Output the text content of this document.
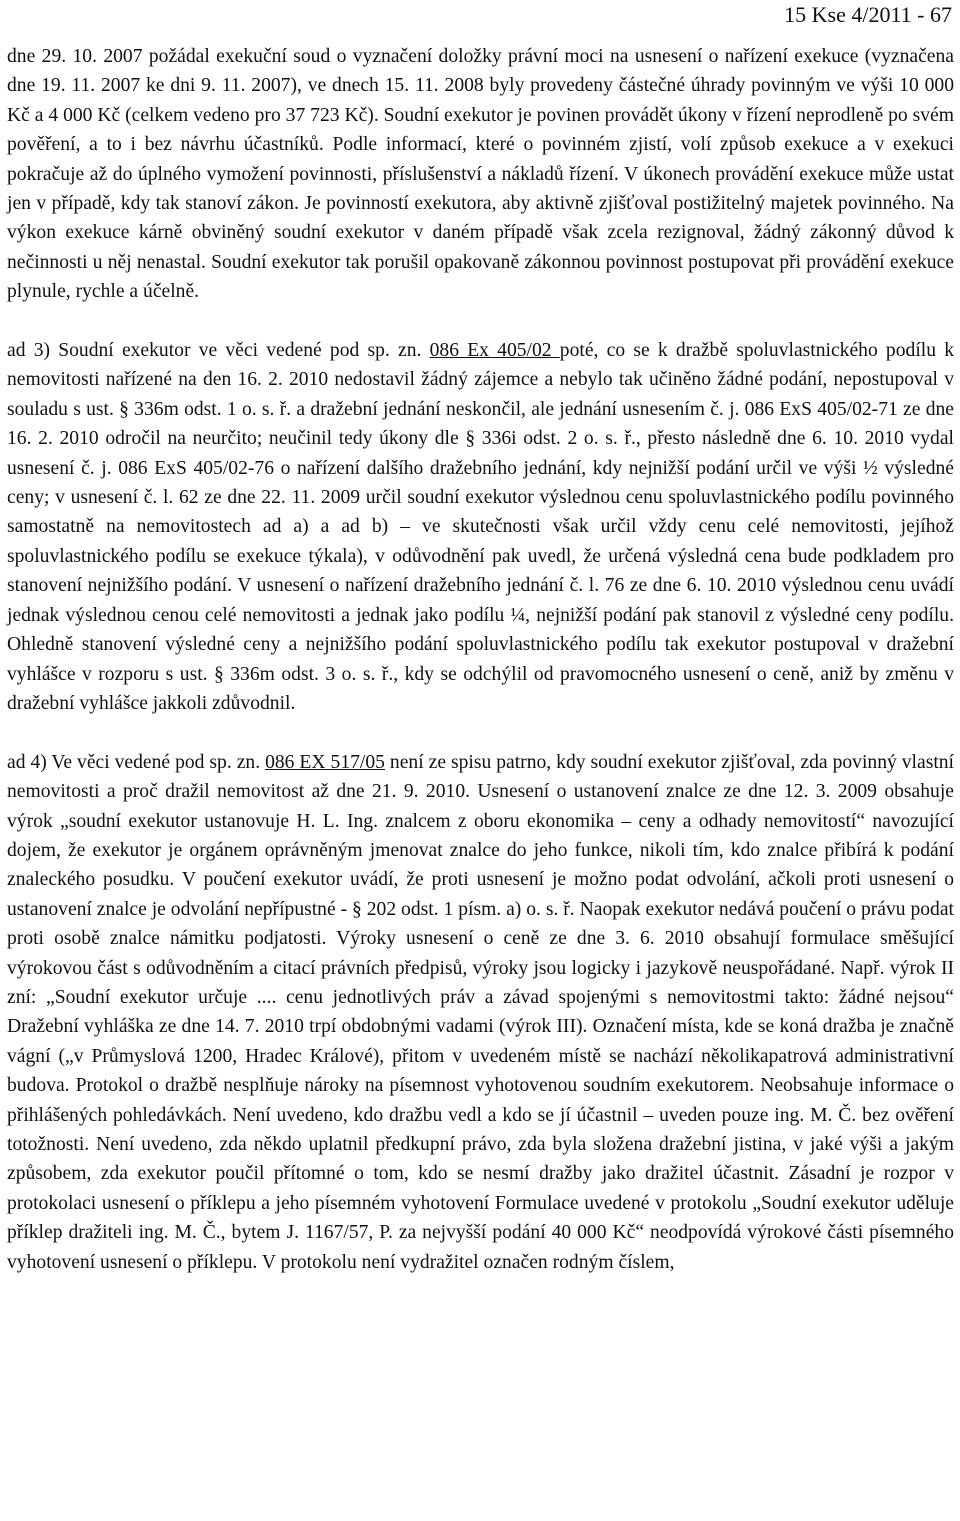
15 Kse 4/2011 - 67

dne 29. 10. 2007 požádal exekuční soud o vyznačení doložky právní moci na usnesení o nařízení exekuce (vyznačena dne 19. 11. 2007 ke dni 9. 11. 2007), ve dnech 15. 11. 2008 byly provedeny částečné úhrady povinným ve výši 10 000 Kč a 4 000 Kč (celkem vedeno pro 37 723 Kč). Soudní exekutor je povinen provádět úkony v řízení neprodleně po svém pověření, a to i bez návrhu účastníků. Podle informací, které o povinném zjistí, volí způsob exekuce a v exekuci pokračuje až do úplného vymožení povinnosti, příslušenství a nákladů řízení. V úkonech provádění exekuce může ustat jen v případě, kdy tak stanoví zákon. Je povinností exekutora, aby aktivně zjišťoval postižitelný majetek povinného. Na výkon exekuce kárně obviněný soudní exekutor v daném případě však zcela rezignoval, žádný zákonný důvod k nečinnosti u něj nenastal. Soudní exekutor tak porušil opakovaně zákonnou povinnost postupovat při provádění exekuce plynule, rychle a účelně.

ad 3) Soudní exekutor ve věci vedené pod sp. zn. 086 Ex 405/02 poté, co se k dražbě spoluvlastnického podílu k nemovitosti nařízené na den 16. 2. 2010 nedostavil žádný zájemce a nebylo tak učiněno žádné podání, nepostupoval v souladu s ust. § 336m odst. 1 o. s. ř. a dražební jednání neskončil, ale jednání usnesením č. j. 086 ExS 405/02-71 ze dne 16. 2. 2010 odročil na neurčito; neučinil tedy úkony dle § 336i odst. 2 o. s. ř., přesto následně dne 6. 10. 2010 vydal usnesení č. j. 086 ExS 405/02-76 o nařízení dalšího dražebního jednání, kdy nejnižší podání určil ve výši ½ výsledné ceny; v usnesení č. l. 62 ze dne 22. 11. 2009 určil soudní exekutor výslednou cenu spoluvlastnického podílu povinného samostatně na nemovitostech ad a) a ad b) – ve skutečnosti však určil vždy cenu celé nemovitosti, jejíhož spoluvlastnického podílu se exekuce týkala), v odůvodnění pak uvedl, že určená výsledná cena bude podkladem pro stanovení nejnižšího podání. V usnesení o nařízení dražebního jednání č. l. 76 ze dne 6. 10. 2010 výslednou cenu uvádí jednak výslednou cenou celé nemovitosti a jednak jako podílu ¼, nejnižší podání pak stanovil z výsledné ceny podílu. Ohledně stanovení výsledné ceny a nejnižšího podání spoluvlastnického podílu tak exekutor postupoval v dražební vyhlášce v rozporu s ust. § 336m odst. 3 o. s. ř., kdy se odchýlil od pravomocného usnesení o ceně, aniž by změnu v dražební vyhlášce jakkoli zdůvodnil.

ad 4) Ve věci vedené pod sp. zn. 086 EX 517/05 není ze spisu patrno, kdy soudní exekutor zjišťoval, zda povinný vlastní nemovitosti a proč dražil nemovitost až dne 21. 9. 2010. Usnesení o ustanovení znalce ze dne 12. 3. 2009 obsahuje výrok „soudní exekutor ustanovuje H. L. Ing. znalcem z oboru ekonomika – ceny a odhady nemovitostí“ navozující dojem, že exekutor je orgánem oprávněným jmenovat znalce do jeho funkce, nikoli tím, kdo znalce přibírá k podání znaleckého posudku. V poučení exekutor uvádí, že proti usnesení je možno podat odvolání, ačkoli proti usnesení o ustanovení znalce je odvolání nepřípustné - § 202 odst. 1 písm. a) o. s. ř. Naopak exekutor nedává poučení o právu podat proti osobě znalce námitku podjatosti. Výroky usnesení o ceně ze dne 3. 6. 2010 obsahují formulace směšující výrokovou část s odůvodněním a citací právních předpisů, výroky jsou logicky i jazykově neuspořádané. Např. výrok II zní: „Soudní exekutor určuje .... cenu jednotlivých práv a závad spojenými s nemovitostmi takto: žádné nejsou“ Dražební vyhláška ze dne 14. 7. 2010 trpí obdobnými vadami (výrok III). Označení místa, kde se koná dražba je značně vágní („v Průmyslová 1200, Hradec Králové), přitom v uvedeném místě se nachází několikapatrová administrativní budova. Protokol o dražbě nesplňuje nároky na písemnost vyhotovenou soudním exekutorem. Neobsahuje informace o přihlášených pohledávkách. Není uvedeno, kdo dražbu vedl a kdo se jí účastnil – uveden pouze ing. M. Č. bez ověření totožnosti. Není uvedeno, zda někdo uplatnil předkupní právo, zda byla složena dražební jistina, v jaké výši a jakým způsobem, zda exekutor poučil přítomné o tom, kdo se nesmí dražby jako dražitel účastnit. Zásadní je rozpor v protokolaci usnesení o příklepu a jeho písemném vyhotovení Formulace uvedené v protokolu „Soudní exekutor uděluje příklep dražiteli ing. M. Č., bytem J. 1167/57, P. za nejvyšší podání 40 000 Kč“ neodpovídá výrokové části písemného vyhotovení usnesení o příklepu. V protokolu není vydražitel označen rodným číslem,
